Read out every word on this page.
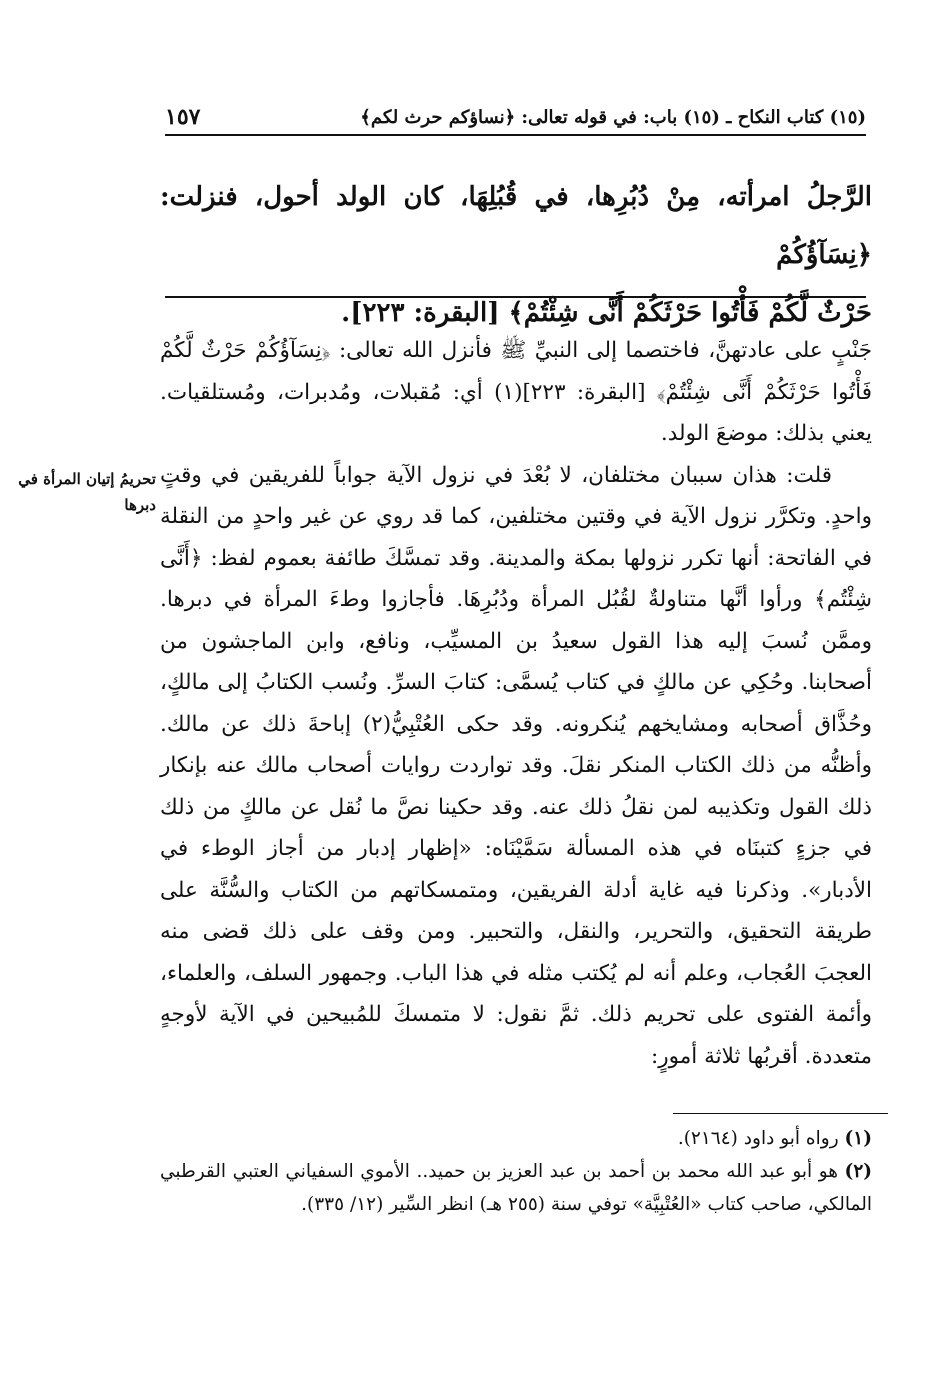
(١٥) كتاب النكاح ـ (١٥) باب: في قوله تعالى: ﴿نساؤكم حرث لكم﴾
١٥٧

الرَّجلُ امرأته، مِنْ دُبُرِها، في قُبُلِهَا، كان الولد أحول، فنزلت: ﴿نِسَآؤُكُمْ

حَرْثٌ لَّكُمْ فَأْتُوا حَرْثَكُمْ أَنَّى شِئْتُمْ﴾ [البقرة: ٢٢٣].

جَنْبٍ على عادتهنَّ، فاختصما إلى النبيِّ ﷺ فأنزل الله تعالى: ﴿نِسَآؤُكُمْ حَرْثٌ لَّكُمْ فَأْتُوا حَرْثَكُمْ أَنَّى شِئْتُمْ﴾ [البقرة: ٢٢٣](١) أي: مُقبلات، ومُدبرات، ومُستلقيات. يعني بذلك: موضعَ الولد.

قلت: هذان سببان مختلفان، لا بُعْدَ في نزول الآية جواباً للفريقين في وقتٍ واحدٍ. وتكرَّر نزول الآية في وقتين مختلفين، كما قد روي عن غير واحدٍ من النقلة في الفاتحة: أنها تكرر نزولها بمكة والمدينة. وقد تمسَّكَ طائفة بعموم لفظ: ﴿أَنَّى شِئْتُم﴾ ورأوا أنَّها متناولةٌ لقُبُل المرأة ودُبُرِهَا. فأجازوا وطءَ المرأة في دبرها. وممَّن نُسبَ إليه هذا القول سعيدُ بن المسيِّب، ونافع، وابن الماجشون من أصحابنا. وحُكِي عن مالكٍ في كتاب يُسمَّى: كتابَ السرِّ. ونُسب الكتابُ إلى مالكٍ، وحُذَّاق أصحابه ومشايخهم يُنكرونه. وقد حكى العُتْبِيُّ(٢) إباحةَ ذلك عن مالك. وأظنُّه من ذلك الكتاب المنكر نقلَ. وقد تواردت روايات أصحاب مالك عنه بإنكار ذلك القول وتكذيبه لمن نقلُ ذلك عنه. وقد حكينا نصَّ ما نُقل عن مالكٍ من ذلك في جزءٍ كتبنَاه في هذه المسألة سَمَّيْنَاه: «إظهار إدبار من أجاز الوطء في الأدبار». وذكرنا فيه غاية أدلة الفريقين، ومتمسكاتهم من الكتاب والسُّنَّة على طريقة التحقيق، والتحرير، والنقل، والتحبير. ومن وقف على ذلك قضى منه العجبَ العُجاب، وعلم أنه لم يُكتب مثله في هذا الباب. وجمهور السلف، والعلماء، وأئمة الفتوى على تحريم ذلك. ثمَّ نقول: لا متمسكَ للمُبيحين في الآية لأوجهٍ متعددة. أقربُها ثلاثة أمورٍ:

تحريمُ إتيان المرأة في دبرها

(١) رواه أبو داود (٢١٦٤).

(٢) هو أبو عبد الله محمد بن أحمد بن عبد العزيز بن حميد.. الأموي السفياني العتبي القرطبي المالكي، صاحب كتاب «العُتْبِيَّة» توفي سنة (٢٥٥ هـ) انظر السِّير (١٢/ ٣٣٥).
